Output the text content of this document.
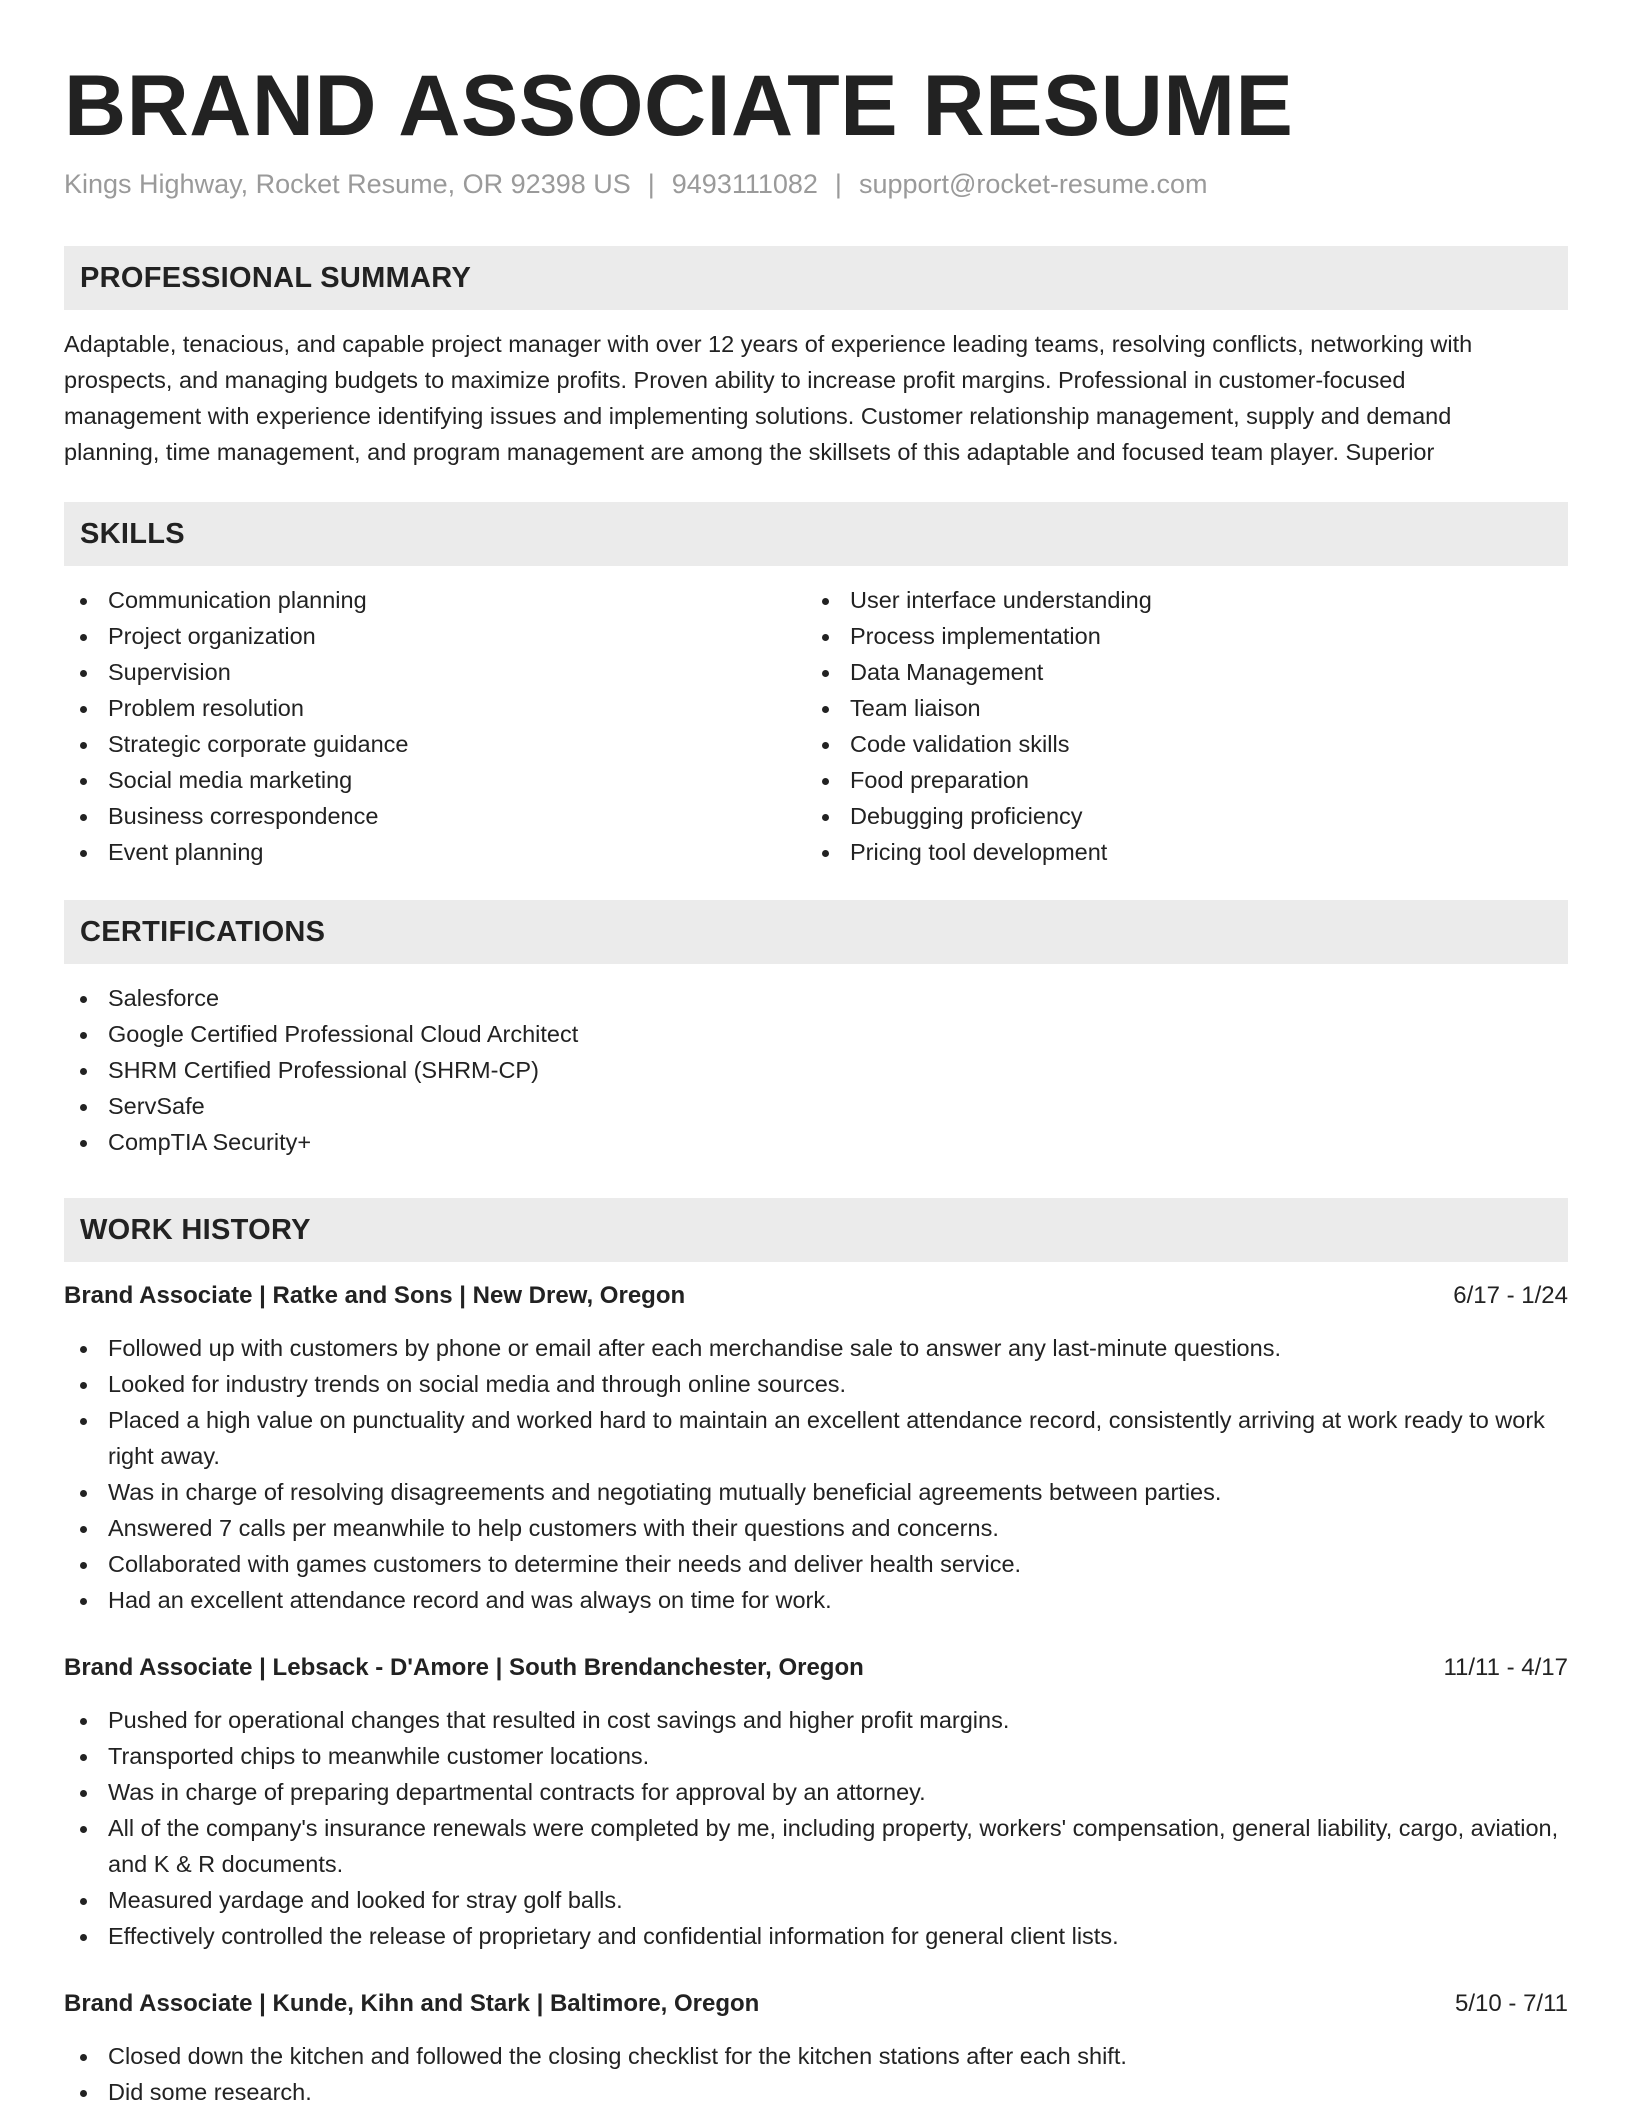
BRAND ASSOCIATE RESUME
Kings Highway, Rocket Resume, OR 92398 US | 9493111082 | support@rocket-resume.com
PROFESSIONAL SUMMARY
Adaptable, tenacious, and capable project manager with over 12 years of experience leading teams, resolving conflicts, networking with
prospects, and managing budgets to maximize profits. Proven ability to increase profit margins. Professional in customer-focused
management with experience identifying issues and implementing solutions. Customer relationship management, supply and demand
planning, time management, and program management are among the skillsets of this adaptable and focused team player. Superior
SKILLS
Communication planning
Project organization
Supervision
Problem resolution
Strategic corporate guidance
Social media marketing
Business correspondence
Event planning
User interface understanding
Process implementation
Data Management
Team liaison
Code validation skills
Food preparation
Debugging proficiency
Pricing tool development
CERTIFICATIONS
Salesforce
Google Certified Professional Cloud Architect
SHRM Certified Professional (SHRM-CP)
ServSafe
CompTIA Security+
WORK HISTORY
Brand Associate | Ratke and Sons | New Drew, Oregon	6/17 - 1/24
Followed up with customers by phone or email after each merchandise sale to answer any last-minute questions.
Looked for industry trends on social media and through online sources.
Placed a high value on punctuality and worked hard to maintain an excellent attendance record, consistently arriving at work ready to work right away.
Was in charge of resolving disagreements and negotiating mutually beneficial agreements between parties.
Answered 7 calls per meanwhile to help customers with their questions and concerns.
Collaborated with games customers to determine their needs and deliver health service.
Had an excellent attendance record and was always on time for work.
Brand Associate | Lebsack - D'Amore | South Brendanchester, Oregon	11/11 - 4/17
Pushed for operational changes that resulted in cost savings and higher profit margins.
Transported chips to meanwhile customer locations.
Was in charge of preparing departmental contracts for approval by an attorney.
All of the company's insurance renewals were completed by me, including property, workers' compensation, general liability, cargo, aviation, and K & R documents.
Measured yardage and looked for stray golf balls.
Effectively controlled the release of proprietary and confidential information for general client lists.
Brand Associate | Kunde, Kihn and Stark | Baltimore, Oregon	5/10 - 7/11
Closed down the kitchen and followed the closing checklist for the kitchen stations after each shift.
Did some research.
